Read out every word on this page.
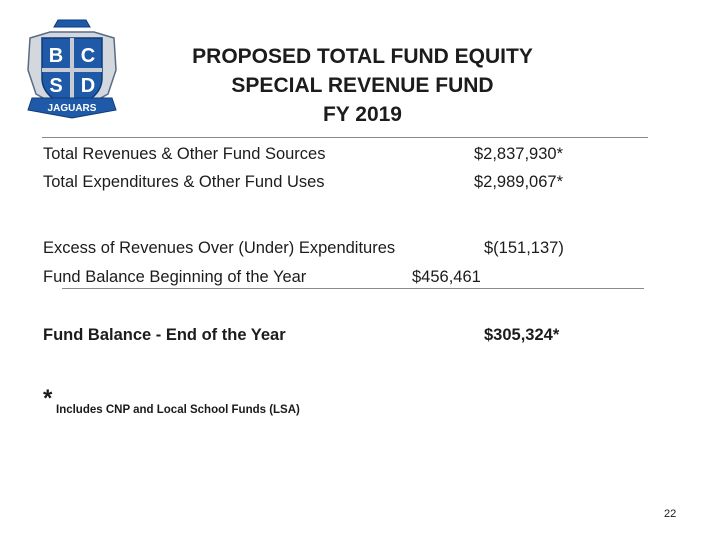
B C
S D
JAGUARS
PROPOSED TOTAL FUND EQUITY
SPECIAL REVENUE FUND
FY 2019
Total Revenues & Other Fund Sources	$2,837,930*
Total Expenditures & Other Fund Uses	$2,989,067*
Excess of Revenues Over (Under) Expenditures	$(151,137)
Fund Balance Beginning of the Year	$456,461
Fund Balance - End of the Year	$305,324*
* Includes CNP and Local School Funds (LSA)
22
